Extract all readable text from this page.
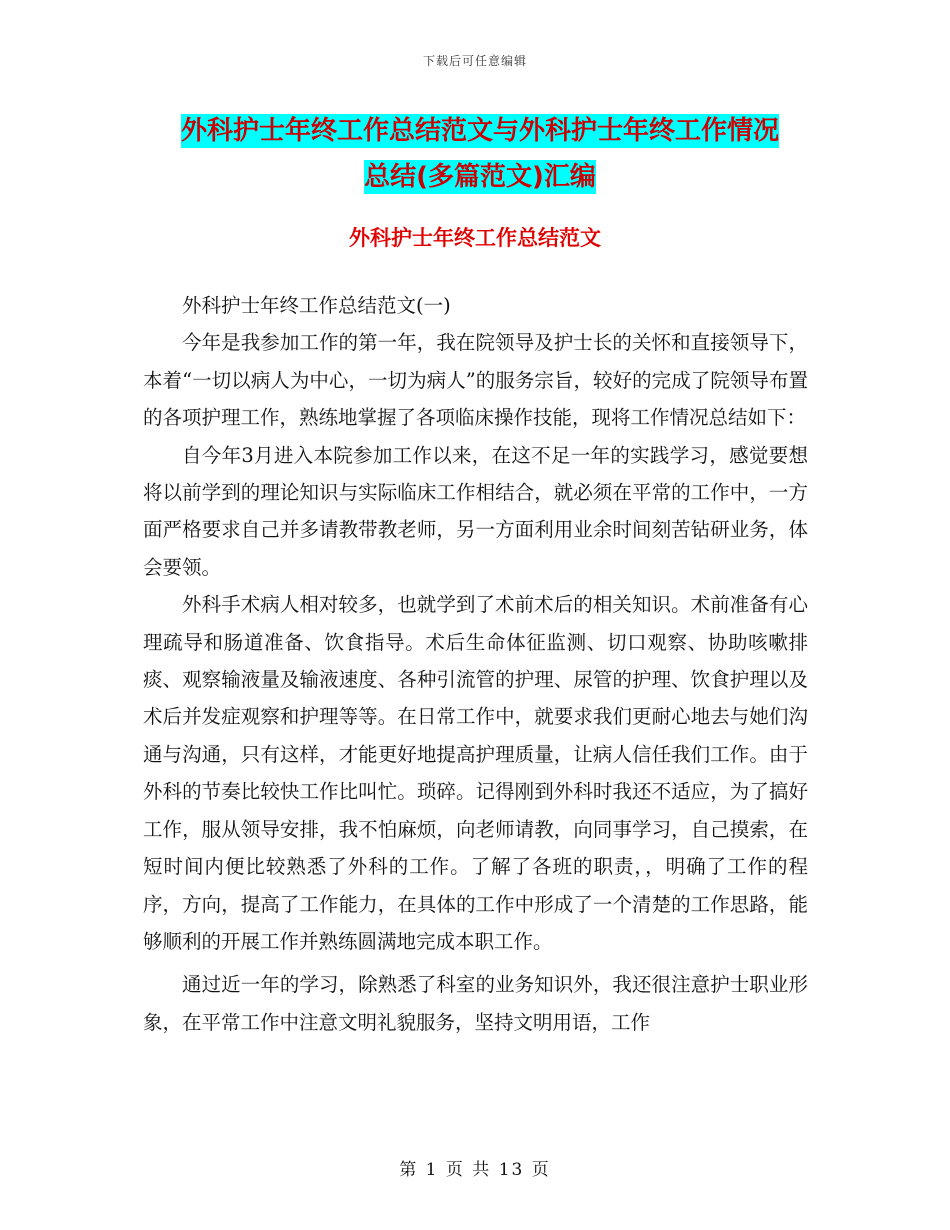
下载后可任意编辑
外科护士年终工作总结范文与外科护士年终工作情况
总结(多篇范文)汇编
外科护士年终工作总结范文

外科护士年终工作总结范文(一)

今年是我参加工作的第一年，我在院领导及护士长的关怀和直接领导下，本着“一切以病人为中心，一切为病人”的服务宗旨，较好的完成了院领导布置的各项护理工作，熟练地掌握了各项临床操作技能，现将工作情况总结如下：

自今年3月进入本院参加工作以来，在这不足一年的实践学习，感觉要想将以前学到的理论知识与实际临床工作相结合，就必须在平常的工作中，一方面严格要求自己并多请教带教老师，另一方面利用业余时间刻苦钻研业务，体会要领。

外科手术病人相对较多，也就学到了术前术后的相关知识。术前准备有心理疏导和肠道准备、饮食指导。术后生命体征监测、切口观察、协助咳嗽排痰、观察输液量及输液速度、各种引流管的护理、尿管的护理、饮食护理以及术后并发症观察和护理等等。在日常工作中，就要求我们更耐心地去与她们沟通与沟通，只有这样，才能更好地提高护理质量，让病人信任我们工作。由于外科的节奏比较快工作比叫忙。琐碎。记得刚到外科时我还不适应，为了搞好工作，服从领导安排，我不怕麻烦，向老师请教，向同事学习，自己摸索，在短时间内便比较熟悉了外科的工作。了解了各班的职责，，明确了工作的程序，方向，提高了工作能力，在具体的工作中形成了一个清楚的工作思路，能够顺利的开展工作并熟练圆满地完成本职工作。

通过近一年的学习，除熟悉了科室的业务知识外，我还很注意护士职业形象，在平常工作中注意文明礼貌服务，坚持文明用语，工作

第 1 页 共 13 页
